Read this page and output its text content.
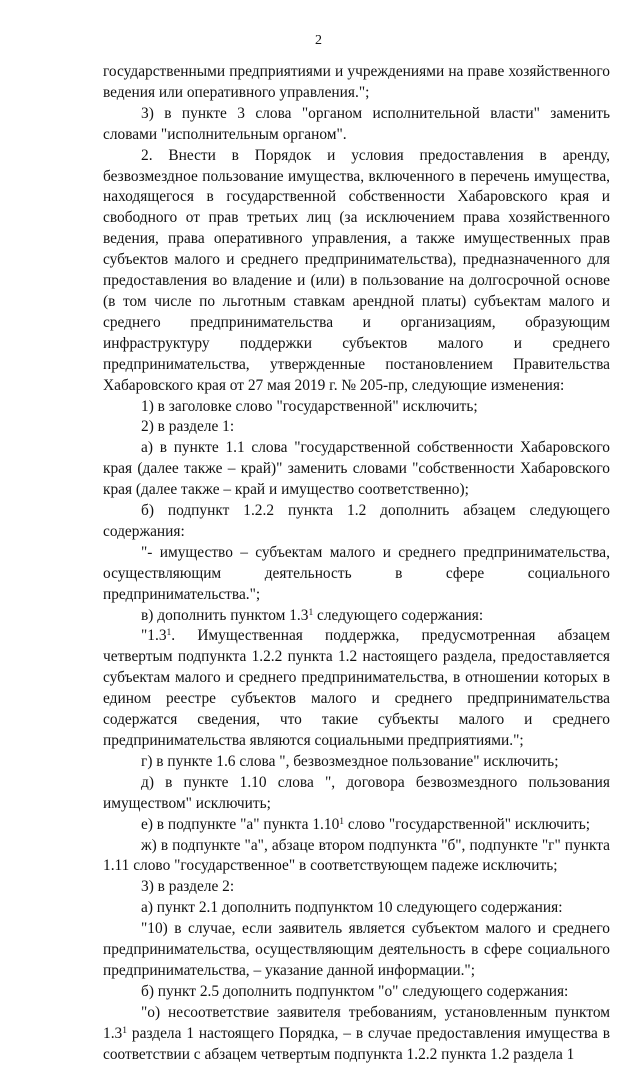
2

государственными предприятиями и учреждениями на праве хозяйственного ведения или оперативного управления.";

3) в пункте 3 слова "органом исполнительной власти" заменить словами "исполнительным органом".

2. Внести в Порядок и условия предоставления в аренду, безвозмездное пользование имущества, включенного в перечень имущества, находящегося в государственной собственности Хабаровского края и свободного от прав третьих лиц (за исключением права хозяйственного ведения, права оперативного управления, а также имущественных прав субъектов малого и среднего предпринимательства), предназначенного для предоставления во владение и (или) в пользование на долгосрочной основе (в том числе по льготным ставкам арендной платы) субъектам малого и среднего предпринимательства и организациям, образующим инфраструктуру поддержки субъектов малого и среднего предпринимательства, утвержденные постановлением Правительства Хабаровского края от 27 мая 2019 г. № 205-пр, следующие изменения:

1) в заголовке слово "государственной" исключить;

2) в разделе 1:

а) в пункте 1.1 слова "государственной собственности Хабаровского края (далее также – край)" заменить словами "собственности Хабаровского края (далее также – край и имущество соответственно);

б) подпункт 1.2.2 пункта 1.2 дополнить абзацем следующего содержания:

"- имущество – субъектам малого и среднего предпринимательства, осуществляющим деятельность в сфере социального предпринимательства.";

в) дополнить пунктом $1.3^1$ следующего содержания:

"$1.3^1$. Имущественная поддержка, предусмотренная абзацем четвертым подпункта 1.2.2 пункта 1.2 настоящего раздела, предоставляется субъектам малого и среднего предпринимательства, в отношении которых в едином реестре субъектов малого и среднего предпринимательства содержатся сведения, что такие субъекты малого и среднего предпринимательства являются социальными предприятиями.";

г) в пункте 1.6 слова ", безвозмездное пользование" исключить;

д) в пункте 1.10 слова ", договора безвозмездного пользования имуществом" исключить;

е) в подпункте "а" пункта 1.10$^1$ слово "государственной" исключить;

ж) в подпункте "а", абзаце втором подпункта "б", подпункте "г" пункта 1.11 слово "государственное" в соответствующем падеже исключить;

3) в разделе 2:

а) пункт 2.1 дополнить подпунктом 10 следующего содержания:

"10) в случае, если заявитель является субъектом малого и среднего предпринимательства, осуществляющим деятельность в сфере социального предпринимательства, – указание данной информации.";

б) пункт 2.5 дополнить подпунктом "о" следующего содержания:

"о) несоответствие заявителя требованиям, установленным пунктом $1.3^1$ раздела 1 настоящего Порядка, – в случае предоставления имущества в соответствии с абзацем четвертым подпункта 1.2.2 пункта 1.2 раздела 1
